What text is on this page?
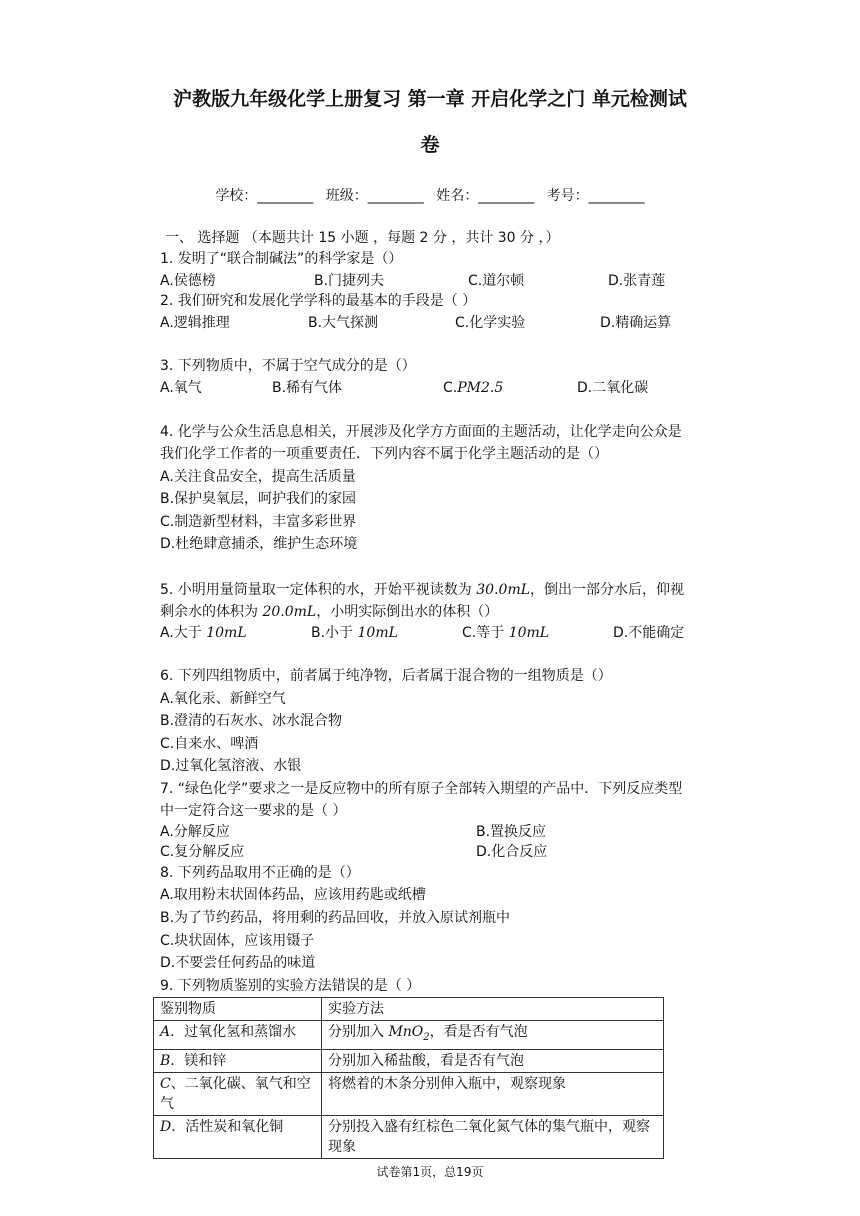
沪教版九年级化学上册复习 第一章 开启化学之门 单元检测试
卷
学校：________ 班级：________ 姓名：________ 考号：________
一、 选择题 （本题共计 15 小题 ，每题 2 分 ，共计 30 分 ，）
1. 发明了“联合制碱法”的科学家是（）
A.侯德榜	B.门捷列夫	C.道尔顿	D.张青莲
2. 我们研究和发展化学学科的最基本的手段是（ ）
A.逻辑推理	B.大气探测	C.化学实验	D.精确运算
3. 下列物质中，不属于空气成分的是（）
A.氧气	B.稀有气体	C.PM2.5	D.二氧化碳
4. 化学与公众生活息息相关，开展涉及化学方方面面的主题活动，让化学走向公众是
我们化学工作者的一项重要责任．下列内容不属于化学主题活动的是（）
A.关注食品安全，提高生活质量
B.保护臭氧层，呵护我们的家园
C.制造新型材料，丰富多彩世界
D.杜绝肆意捕杀，维护生态环境
5. 小明用量筒量取一定体积的水，开始平视读数为 30.0mL，倒出一部分水后，仰视
剩余水的体积为 20.0mL，小明实际倒出水的体积（）
A.大于 10mL	B.小于 10mL	C.等于 10mL	D.不能确定
6. 下列四组物质中，前者属于纯净物，后者属于混合物的一组物质是（）
A.氧化汞、新鲜空气
B.澄清的石灰水、冰水混合物
C.自来水、啤酒
D.过氧化氢溶液、水银
7. “绿色化学”要求之一是反应物中的所有原子全部转入期望的产品中．下列反应类型
中一定符合这一要求的是（ ）
A.分解反应	B.置换反应
C.复分解反应	D.化合反应
8. 下列药品取用不正确的是（）
A.取用粉末状固体药品，应该用药匙或纸槽
B.为了节约药品，将用剩的药品回收，并放入原试剂瓶中
C.块状固体，应该用镊子
D.不要尝任何药品的味道
9. 下列物质鉴别的实验方法错误的是（ ）
鉴别物质	实验方法
A．过氧化氢和蒸馏水	分别加入 MnO$_2$，看是否有气泡
B．镁和锌	分别加入稀盐酸，看是否有气泡
C、二氧化碳、氧气和空气	将燃着的木条分别伸入瓶中，观察现象
D．活性炭和氧化铜	分别投入盛有红棕色二氧化氮气体的集气瓶中，观察现象
试卷第1页，总19页
